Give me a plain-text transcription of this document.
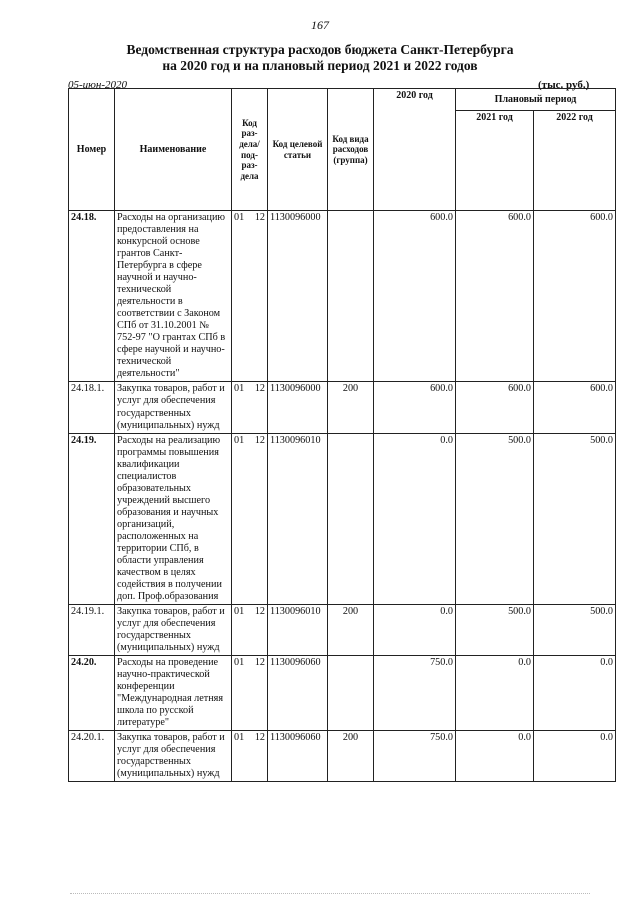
167
Ведомственная структура расходов бюджета Санкт-Петербурга
на 2020 год и на плановый период 2021 и 2022 годов
05-июн-2020	(тыс. руб.)
Номер	Наименование	Код раз-дела/ под-раз-дела	Код целевой статьи	Код вида расходов (группа)	2020 год	Плановый период	
						2021 год	2022 год
24.18.	Расходы на организацию предоставления на конкурсной основе грантов Санкт-Петербурга в сфере научной и научно-технической деятельности в соответствии с Законом СПб от 31.10.2001 № 752-97 "О грантах СПб в сфере научной и научно-технической деятельности"	01 12	1130096000		600.0	600.0	600.0
24.18.1.	Закупка товаров, работ и услуг для обеспечения государственных (муниципальных) нужд	01 12	1130096000	200	600.0	600.0	600.0
24.19.	Расходы на реализацию программы повышения квалификации специалистов образовательных учреждений высшего образования и научных организаций, расположенных на территории СПб, в области управления качеством в целях содействия в получении доп. Проф.образования	01 12	1130096010		0.0	500.0	500.0
24.19.1.	Закупка товаров, работ и услуг для обеспечения государственных (муниципальных) нужд	01 12	1130096010	200	0.0	500.0	500.0
24.20.	Расходы на проведение научно-практической конференции "Международная летняя школа по русской литературе"	01 12	1130096060		750.0	0.0	0.0
24.20.1.	Закупка товаров, работ и услуг для обеспечения государственных (муниципальных) нужд	01 12	1130096060	200	750.0	0.0	0.0
